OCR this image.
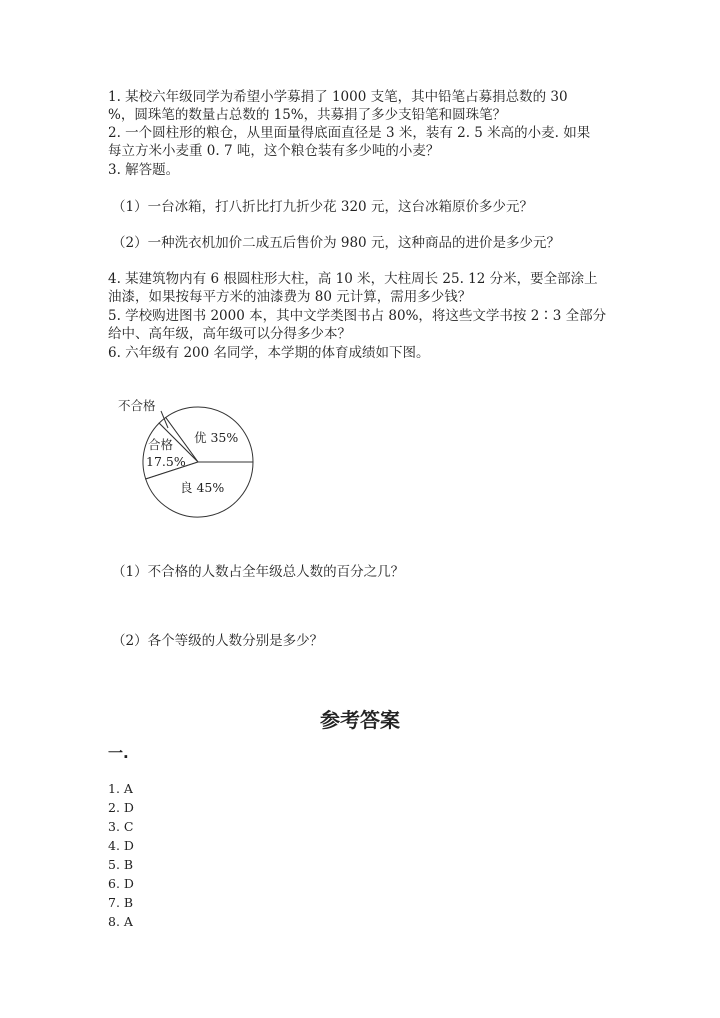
1. 某校六年级同学为希望小学募捐了 1000 支笔，其中铅笔占募捐总数的 30
%，圆珠笔的数量占总数的 15%，共募捐了多少支铅笔和圆珠笔？
2. 一个圆柱形的粮仓，从里面量得底面直径是 3 米，装有 2. 5 米高的小麦. 如果
每立方米小麦重 0. 7 吨，这个粮仓装有多少吨的小麦？
3. 解答题。
（1）一台冰箱，打八折比打九折少花 320 元，这台冰箱原价多少元？
（2）一种洗衣机加价二成五后售价为 980 元，这种商品的进价是多少元？
4. 某建筑物内有 6 根圆柱形大柱，高 10 米，大柱周长 25. 12 分米，要全部涂上
油漆，如果按每平方米的油漆费为 80 元计算，需用多少钱？
5. 学校购进图书 2000 本，其中文学类图书占 80%，将这些文学书按 2∶3 全部分
给中、高年级，高年级可以分得多少本？
6. 六年级有 200 名同学，本学期的体育成绩如下图。
不合格
优 35%
合格
17.5%
良 45%
（1）不合格的人数占全年级总人数的百分之几？
（2）各个等级的人数分别是多少？
参考答案
一.
1. A
2. D
3. C
4. D
5. B
6. D
7. B
8. A
